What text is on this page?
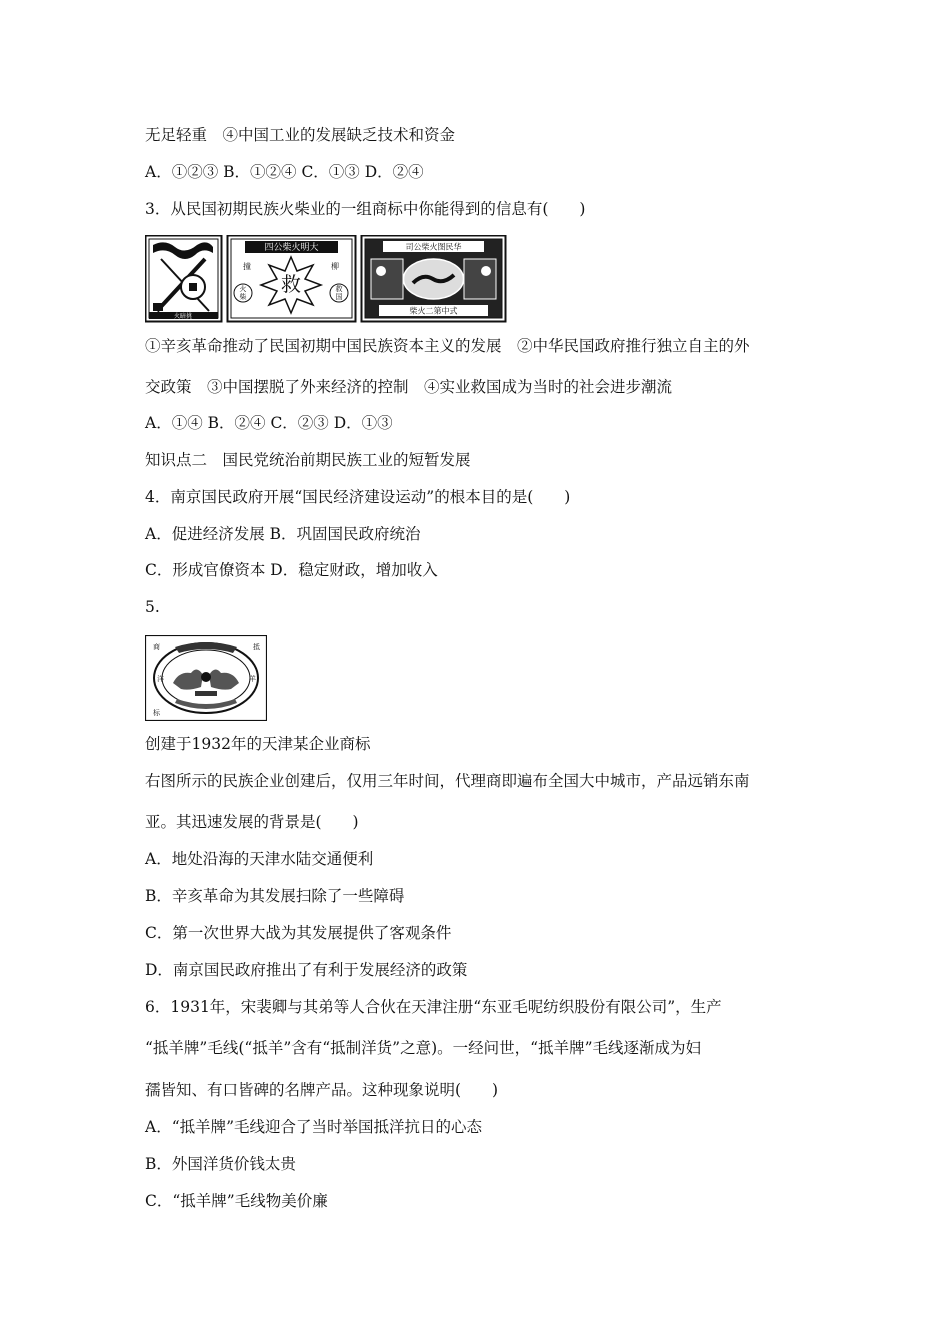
无足轻重　④中国工业的发展缺乏技术和资金
A．①②③ B．①②④ C．①③ D．②④
3．从民国初期民族火柴业的一组商标中你能得到的信息有(　　)
火暗挑
四公柴火明大
救
撞	柳
火
柴
救
国
司公柴火图民华
柴火二第中式
①辛亥革命推动了民国初期中国民族资本主义的发展　②中华民国政府推行独立自主的外
交政策　③中国摆脱了外来经济的控制　④实业救国成为当时的社会进步潮流
A．①④ B．②④ C．②③ D．①③
知识点二　国民党统治前期民族工业的短暂发展
4．南京国民政府开展“国民经济建设运动”的根本目的是(　　)
A．促进经济发展 B．巩固国民政府统治
C．形成官僚资本 D．稳定财政，增加收入
5.
商	抵
标
洋	羊
创建于1932年的天津某企业商标
右图所示的民族企业创建后，仅用三年时间，代理商即遍布全国大中城市，产品远销东南
亚。其迅速发展的背景是(　　)
A．地处沿海的天津水陆交通便利
B．辛亥革命为其发展扫除了一些障碍
C．第一次世界大战为其发展提供了客观条件
D．南京国民政府推出了有利于发展经济的政策
6．1931年，宋裴卿与其弟等人合伙在天津注册“东亚毛呢纺织股份有限公司”，生产
“抵羊牌”毛线(“抵羊”含有“抵制洋货”之意)。一经问世，“抵羊牌”毛线逐渐成为妇
孺皆知、有口皆碑的名牌产品。这种现象说明(　　)
A．“抵羊牌”毛线迎合了当时举国抵洋抗日的心态
B．外国洋货价钱太贵
C．“抵羊牌”毛线物美价廉
